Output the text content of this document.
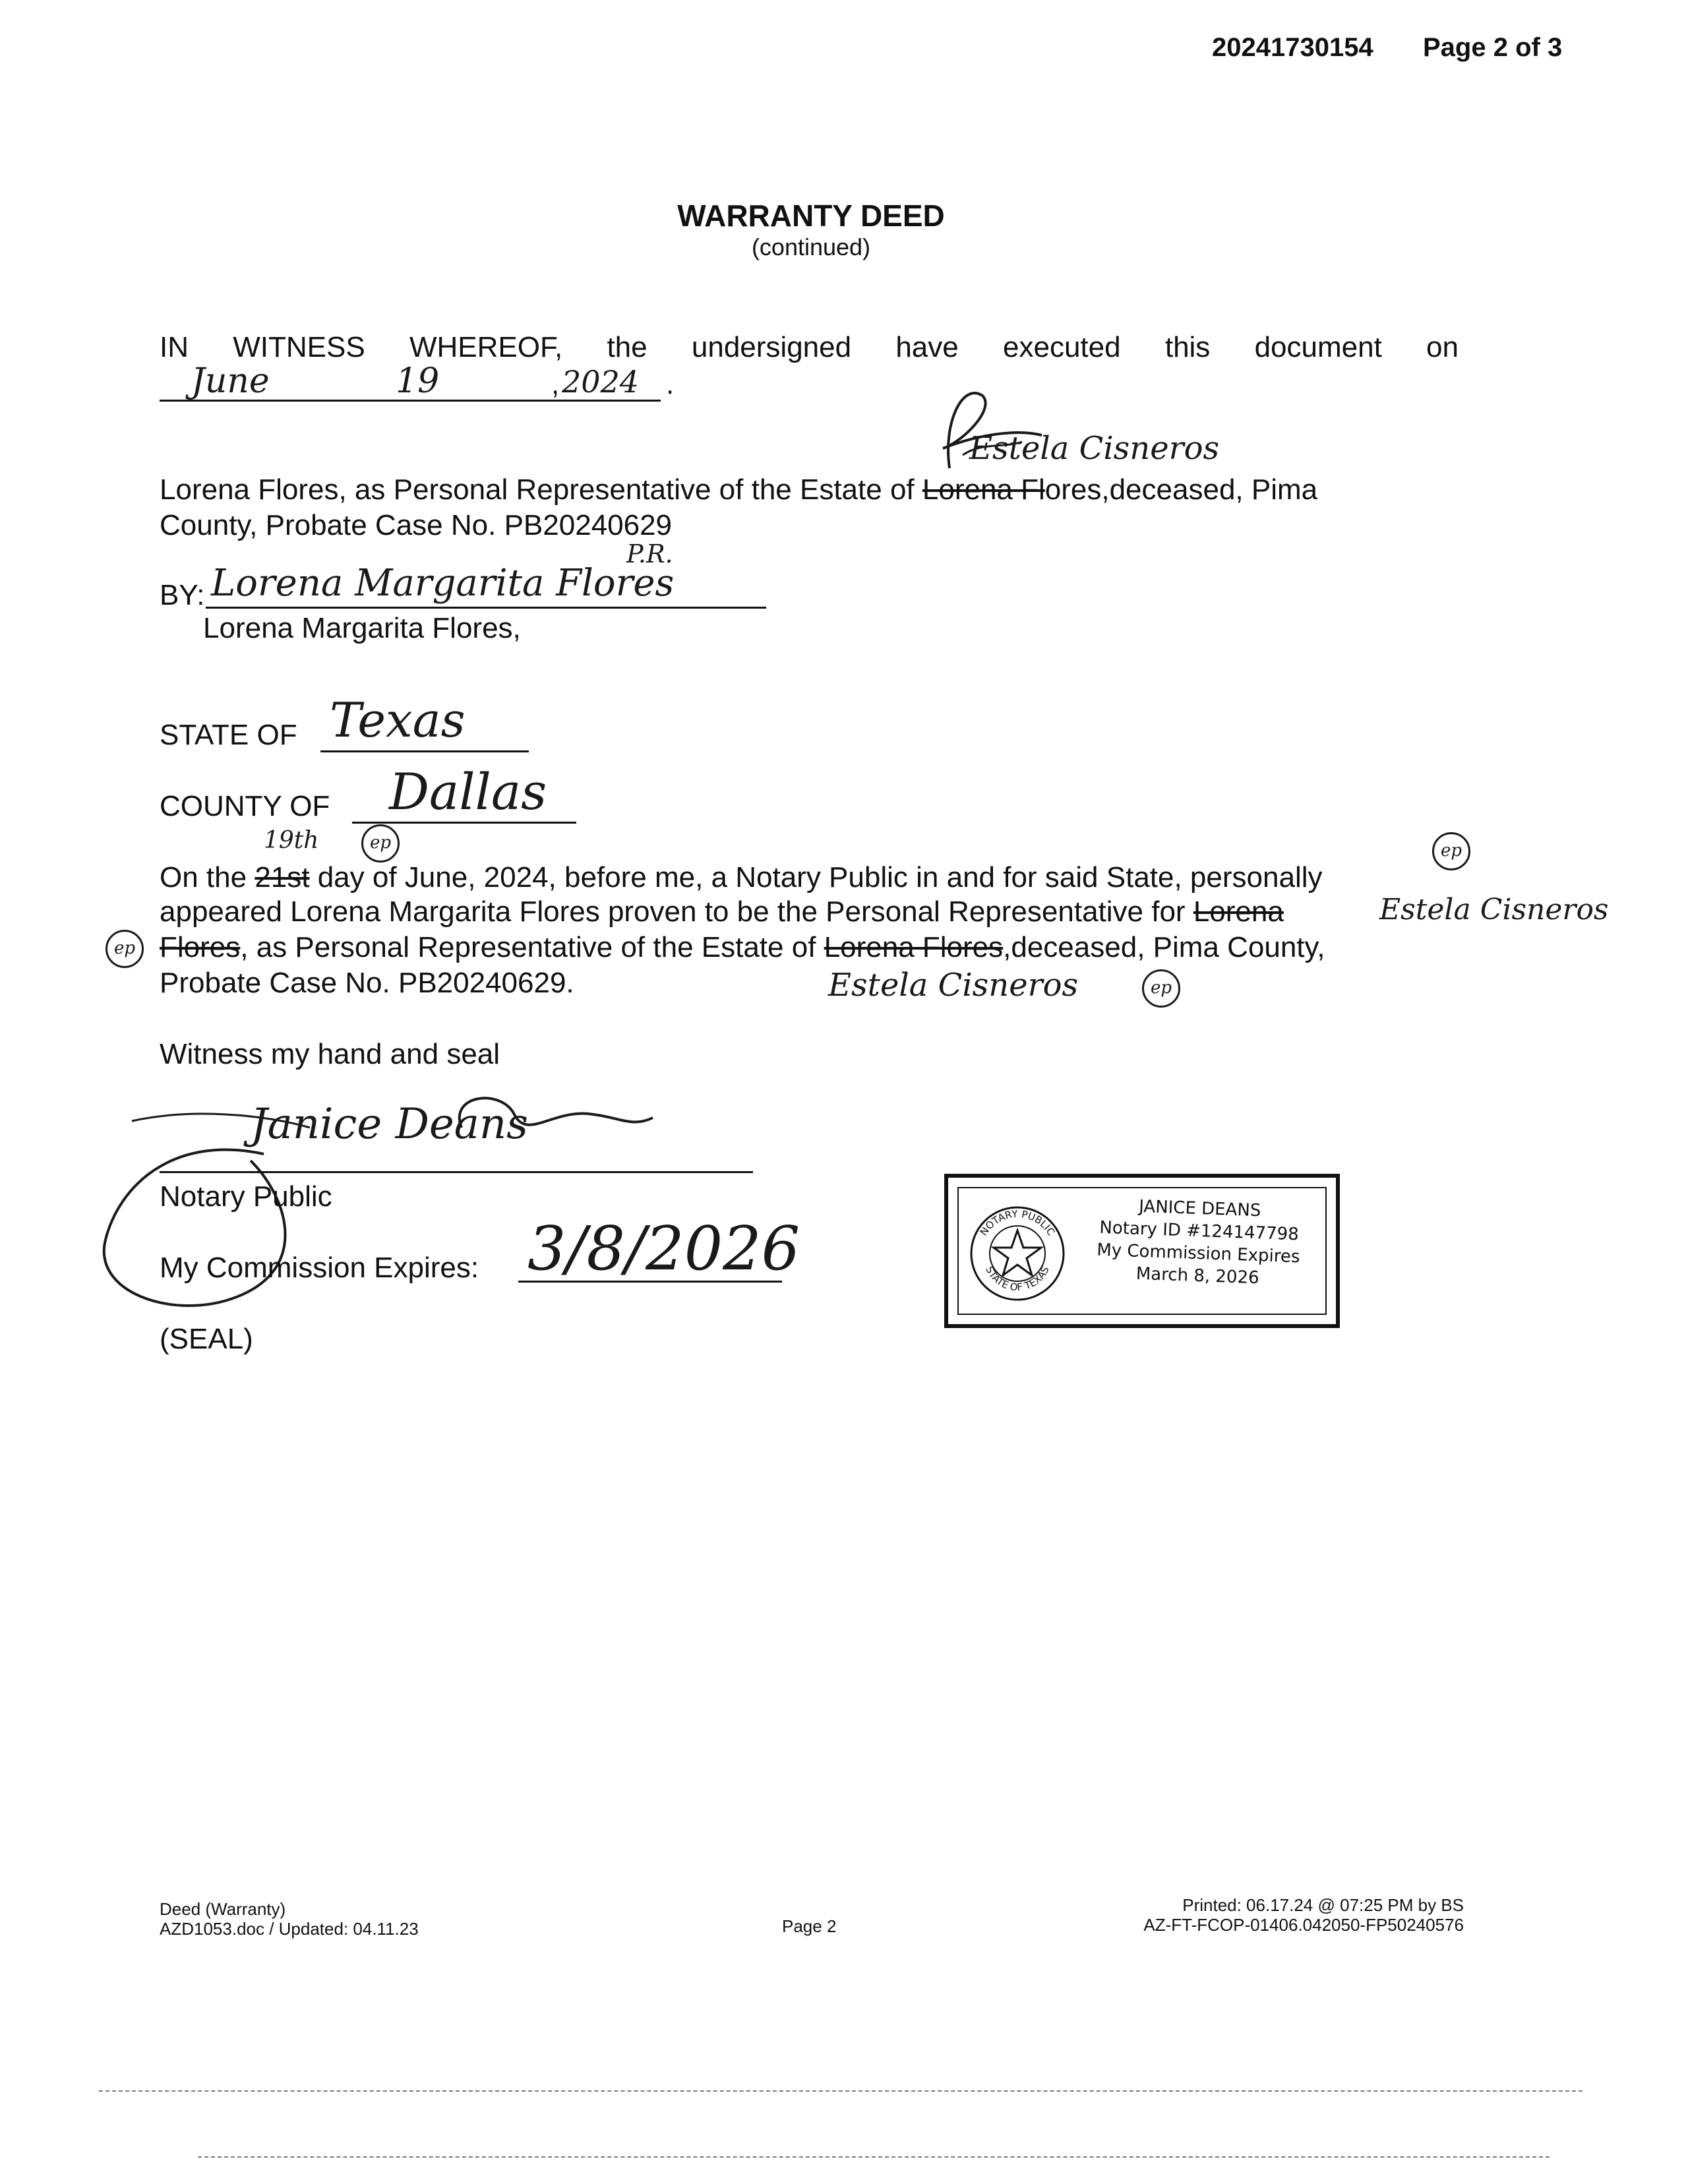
20241730154 Page 2 of 3
WARRANTY DEED
(continued)
IN WITNESS WHEREOF, the undersigned have executed this document on
June	19	, 2024 .
Estela Cisneros
Lorena Flores, as Personal Representative of the Estate of Lorena Flores,deceased, Pima
County, Probate Case No. PB20240629
BY: Lorena Margarita Flores
P.R.
Lorena Margarita Flores,
STATE OF Texas
COUNTY OF Dallas
19th	ep	ep
On the 21st day of June, 2024, before me, a Notary Public in and for said State, personally
appeared Lorena Margarita Flores proven to be the Personal Representative for Lorena	Estela Cisneros
ep Flores, as Personal Representative of the Estate of Lorena Flores,deceased, Pima County,
Probate Case No. PB20240629.	Estela Cisneros	ep
Witness my hand and seal
Janice Deans
Notary Public
My Commission Expires: 3/8/2026
(SEAL)
NOTARY PUBLIC
STATE OF TEXAS
JANICE DEANS
Notary ID #124147798
My Commission Expires
March 8, 2026
Deed (Warranty)
AZD1053.doc / Updated: 04.11.23	Page 2
Printed: 06.17.24 @ 07:25 PM by BS
AZ-FT-FCOP-01406.042050-FP50240576
